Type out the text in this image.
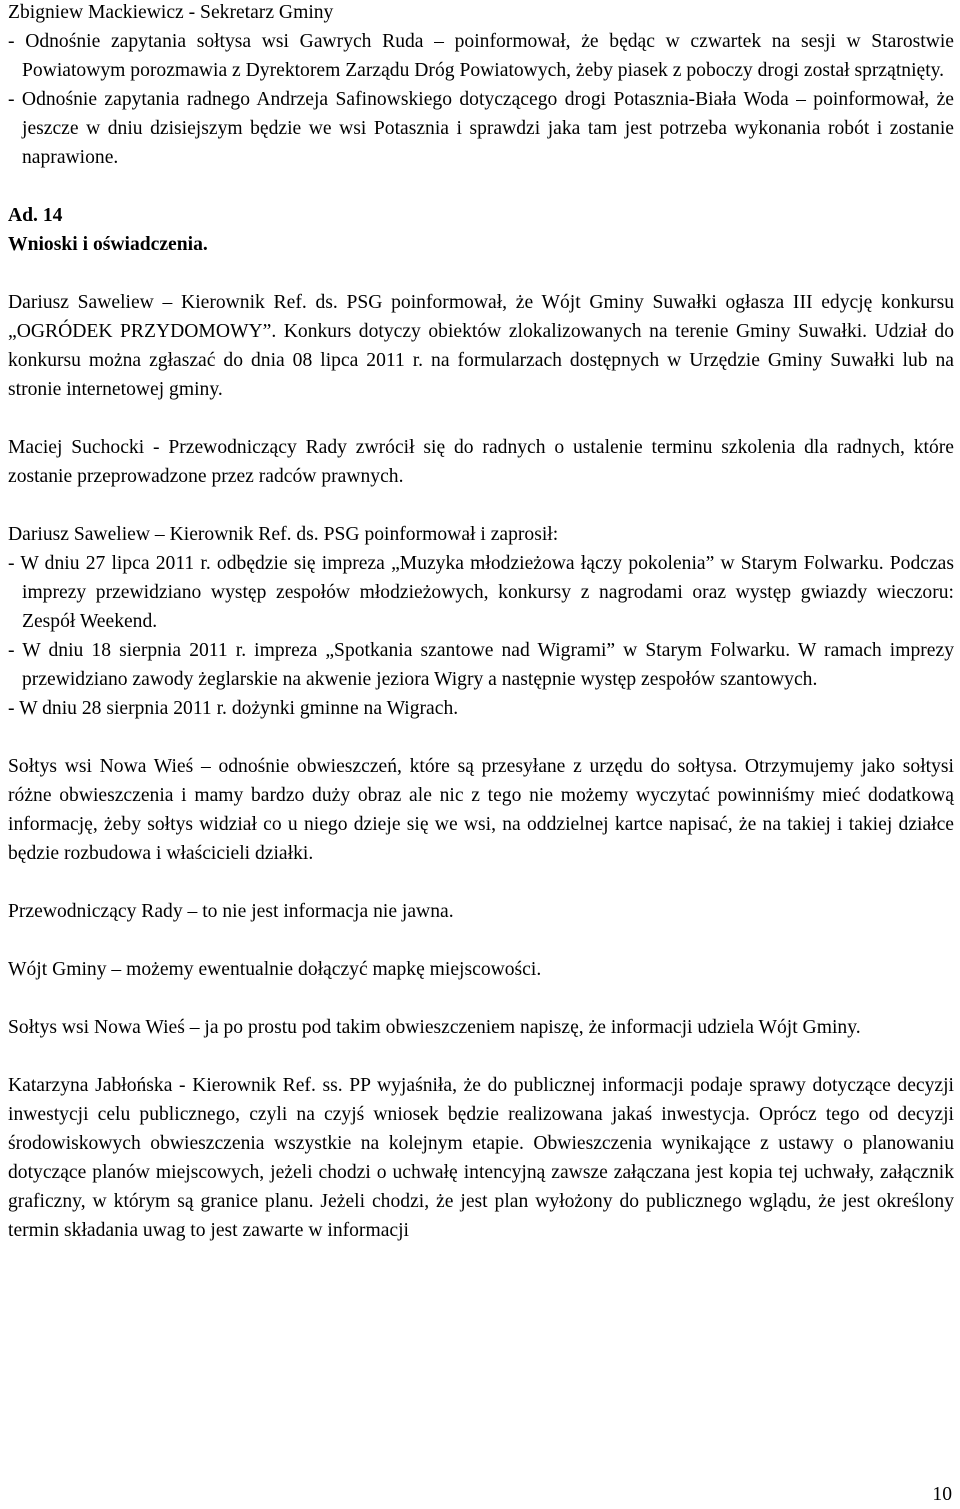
Zbigniew Mackiewicz - Sekretarz Gminy

- Odnośnie zapytania sołtysa wsi Gawrych Ruda – poinformował, że będąc w czwartek na sesji w Starostwie Powiatowym porozmawia z Dyrektorem Zarządu Dróg Powiatowych, żeby piasek z poboczy drogi został sprzątnięty.

- Odnośnie zapytania radnego Andrzeja Safinowskiego dotyczącego drogi Potasznia-Biała Woda – poinformował, że jeszcze w dniu dzisiejszym będzie we wsi Potasznia i sprawdzi jaka tam jest potrzeba wykonania robót i zostanie naprawione.

Ad. 14

Wnioski i oświadczenia.

Dariusz Saweliew – Kierownik Ref. ds. PSG poinformował, że Wójt Gminy Suwałki ogłasza III edycję konkursu „OGRÓDEK PRZYDOMOWY”. Konkurs dotyczy obiektów zlokalizowanych na terenie Gminy Suwałki. Udział do konkursu można zgłaszać do dnia 08 lipca 2011 r. na formularzach dostępnych w Urzędzie Gminy Suwałki lub na stronie internetowej gminy.

Maciej Suchocki - Przewodniczący Rady zwrócił się do radnych o ustalenie terminu szkolenia dla radnych, które zostanie przeprowadzone przez radców prawnych.

Dariusz Saweliew – Kierownik Ref. ds. PSG poinformował i zaprosił:

- W dniu 27 lipca 2011 r. odbędzie się impreza „Muzyka młodzieżowa łączy pokolenia” w Starym Folwarku. Podczas imprezy przewidziano występ zespołów młodzieżowych, konkursy z nagrodami oraz występ gwiazdy wieczoru: Zespół Weekend.

- W dniu 18 sierpnia 2011 r. impreza „Spotkania szantowe nad Wigrami” w Starym Folwarku. W ramach imprezy przewidziano zawody żeglarskie na akwenie jeziora Wigry a następnie występ zespołów szantowych.

- W dniu 28 sierpnia 2011 r. dożynki gminne na Wigrach.

Sołtys wsi Nowa Wieś – odnośnie obwieszczeń, które są przesyłane z urzędu do sołtysa. Otrzymujemy jako sołtysi różne obwieszczenia i mamy bardzo duży obraz ale nic z tego nie możemy wyczytać powinniśmy mieć dodatkową informację, żeby sołtys widział co u niego dzieje się we wsi, na oddzielnej kartce napisać, że na takiej i takiej działce będzie rozbudowa i właścicieli działki.

Przewodniczący Rady – to nie jest informacja nie jawna.

Wójt Gminy – możemy ewentualnie dołączyć mapkę miejscowości.

Sołtys wsi Nowa Wieś – ja po prostu pod takim obwieszczeniem napiszę, że informacji udziela Wójt Gminy.

Katarzyna Jabłońska - Kierownik Ref. ss. PP wyjaśniła, że do publicznej informacji podaje sprawy dotyczące decyzji inwestycji celu publicznego, czyli na czyjś wniosek będzie realizowana jakaś inwestycja. Oprócz tego od decyzji środowiskowych obwieszczenia wszystkie na kolejnym etapie. Obwieszczenia wynikające z ustawy o planowaniu dotyczące planów miejscowych, jeżeli chodzi o uchwałę intencyjną zawsze załączana jest kopia tej uchwały, załącznik graficzny, w którym są granice planu. Jeżeli chodzi, że jest plan wyłożony do publicznego wglądu, że jest określony termin składania uwag to jest zawarte w informacji

10
